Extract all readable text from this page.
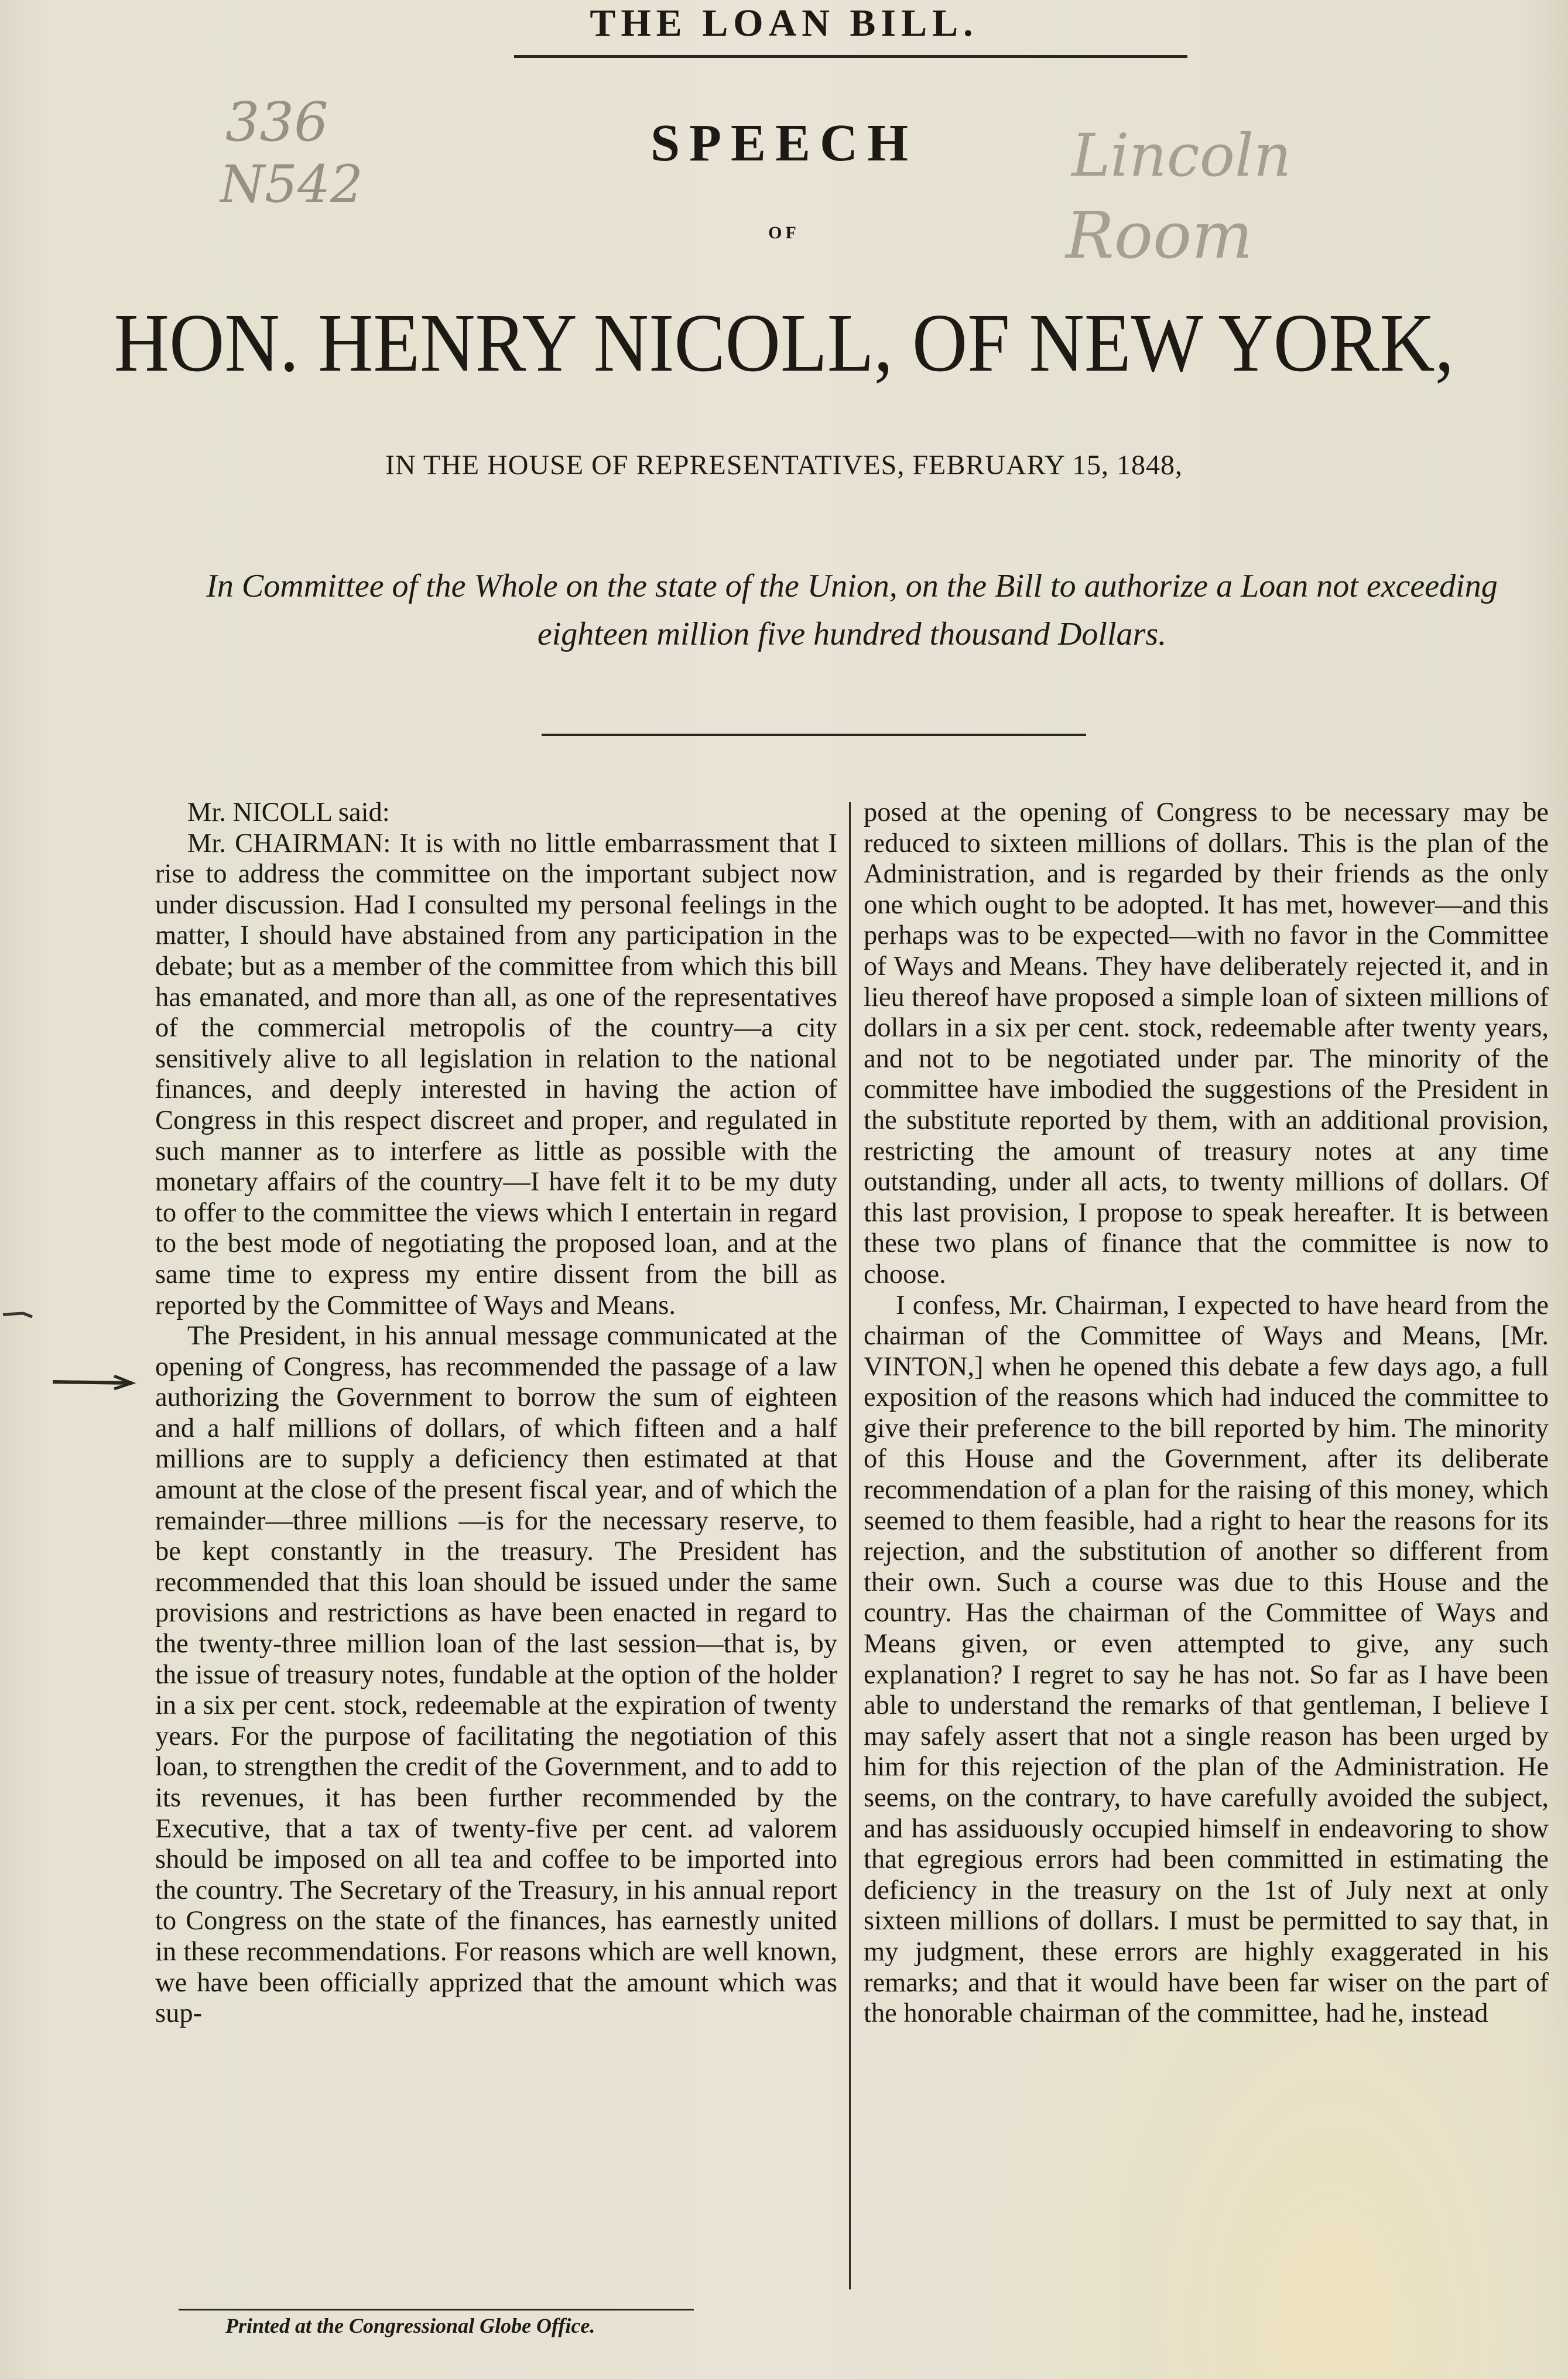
THE LOAN BILL.
336
N542
SPEECH	Lincoln
Room
OF
HON. HENRY NICOLL, OF NEW YORK,
IN THE HOUSE OF REPRESENTATIVES, FEBRUARY 15, 1848,
In Committee of the Whole on the state of the Union, on the Bill to authorize a Loan not exceeding eighteen million five hundred thousand Dollars.

Mr. NICOLL said:

Mr. CHAIRMAN: It is with no little embarrassment that I rise to address the committee on the important subject now under discussion. Had I consulted my personal feelings in the matter, I should have abstained from any participation in the debate; but as a member of the committee from which this bill has emanated, and more than all, as one of the representatives of the commercial metropolis of the country—a city sensitively alive to all legislation in relation to the national finances, and deeply interested in having the action of Congress in this respect discreet and proper, and regulated in such manner as to interfere as little as possible with the monetary affairs of the country—I have felt it to be my duty to offer to the committee the views which I entertain in regard to the best mode of negotiating the proposed loan, and at the same time to express my entire dissent from the bill as reported by the Committee of Ways and Means.

The President, in his annual message communicated at the opening of Congress, has recommended the passage of a law authorizing the Government to borrow the sum of eighteen and a half millions of dollars, of which fifteen and a half millions are to supply a deficiency then estimated at that amount at the close of the present fiscal year, and of which the remainder—three millions —is for the necessary reserve, to be kept constantly in the treasury. The President has recommended that this loan should be issued under the same provisions and restrictions as have been enacted in regard to the twenty-three million loan of the last session—that is, by the issue of treasury notes, fundable at the option of the holder in a six per cent. stock, redeemable at the expiration of twenty years. For the purpose of facilitating the negotiation of this loan, to strengthen the credit of the Government, and to add to its revenues, it has been further recommended by the Executive, that a tax of twenty-five per cent. ad valorem should be imposed on all tea and coffee to be imported into the country. The Secretary of the Treasury, in his annual report to Congress on the state of the finances, has earnestly united in these recommendations. For reasons which are well known, we have been officially apprized that the amount which was sup-

posed at the opening of Congress to be necessary may be reduced to sixteen millions of dollars. This is the plan of the Administration, and is regarded by their friends as the only one which ought to be adopted. It has met, however—and this perhaps was to be expected—with no favor in the Committee of Ways and Means. They have deliberately rejected it, and in lieu thereof have proposed a simple loan of sixteen millions of dollars in a six per cent. stock, redeemable after twenty years, and not to be negotiated under par. The minority of the committee have imbodied the suggestions of the President in the substitute reported by them, with an additional provision, restricting the amount of treasury notes at any time outstanding, under all acts, to twenty millions of dollars. Of this last provision, I propose to speak hereafter. It is between these two plans of finance that the committee is now to choose.

I confess, Mr. Chairman, I expected to have heard from the chairman of the Committee of Ways and Means, [Mr. VINTON,] when he opened this debate a few days ago, a full exposition of the reasons which had induced the committee to give their preference to the bill reported by him. The minority of this House and the Government, after its deliberate recommendation of a plan for the raising of this money, which seemed to them feasible, had a right to hear the reasons for its rejection, and the substitution of another so different from their own. Such a course was due to this House and the country. Has the chairman of the Committee of Ways and Means given, or even attempted to give, any such explanation? I regret to say he has not. So far as I have been able to understand the remarks of that gentleman, I believe I may safely assert that not a single reason has been urged by him for this rejection of the plan of the Administration. He seems, on the contrary, to have carefully avoided the subject, and has assiduously occupied himself in endeavoring to show that egregious errors had been committed in estimating the deficiency in the treasury on the 1st of July next at only sixteen millions of dollars. I must be permitted to say that, in my judgment, these errors are highly exaggerated in his remarks; and that it would have been far wiser on the part of the honorable chairman of the committee, had he, instead

Printed at the Congressional Globe Office.
